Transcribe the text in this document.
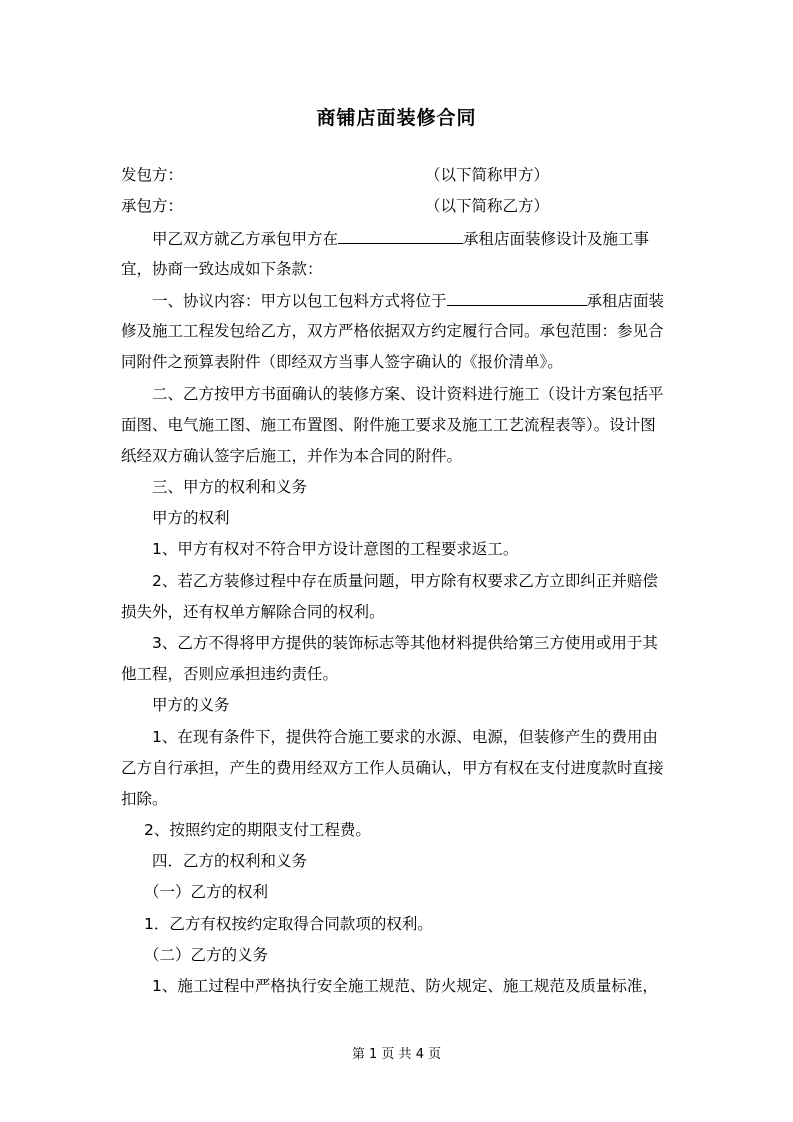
商铺店面装修合同
发包方：	（以下简称甲方）
承包方：	（以下简称乙方）
甲乙双方就乙方承包甲方在	承租店面装修设计及施工事
宜，协商一致达成如下条款：
一、协议内容：甲方以包工包料方式将位于	承租店面装
修及施工工程发包给乙方，双方严格依据双方约定履行合同。承包范围：参见合
同附件之预算表附件（即经双方当事人签字确认的《报价清单》。
二、乙方按甲方书面确认的装修方案、设计资料进行施工（设计方案包括平
面图、电气施工图、施工布置图、附件施工要求及施工工艺流程表等）。设计图
纸经双方确认签字后施工，并作为本合同的附件。
三、甲方的权利和义务
甲方的权利
1、甲方有权对不符合甲方设计意图的工程要求返工。
2、若乙方装修过程中存在质量问题，甲方除有权要求乙方立即纠正并赔偿
损失外，还有权单方解除合同的权利。
3、乙方不得将甲方提供的装饰标志等其他材料提供给第三方使用或用于其
他工程，否则应承担违约责任。
甲方的义务
1、在现有条件下，提供符合施工要求的水源、电源，但装修产生的费用由
乙方自行承担，产生的费用经双方工作人员确认，甲方有权在支付进度款时直接
扣除。
2、按照约定的期限支付工程费。
四．乙方的权利和义务
（一）乙方的权利
1．乙方有权按约定取得合同款项的权利。
（二）乙方的义务
1、施工过程中严格执行安全施工规范、防火规定、施工规范及质量标准，
第 1 页 共 4 页
